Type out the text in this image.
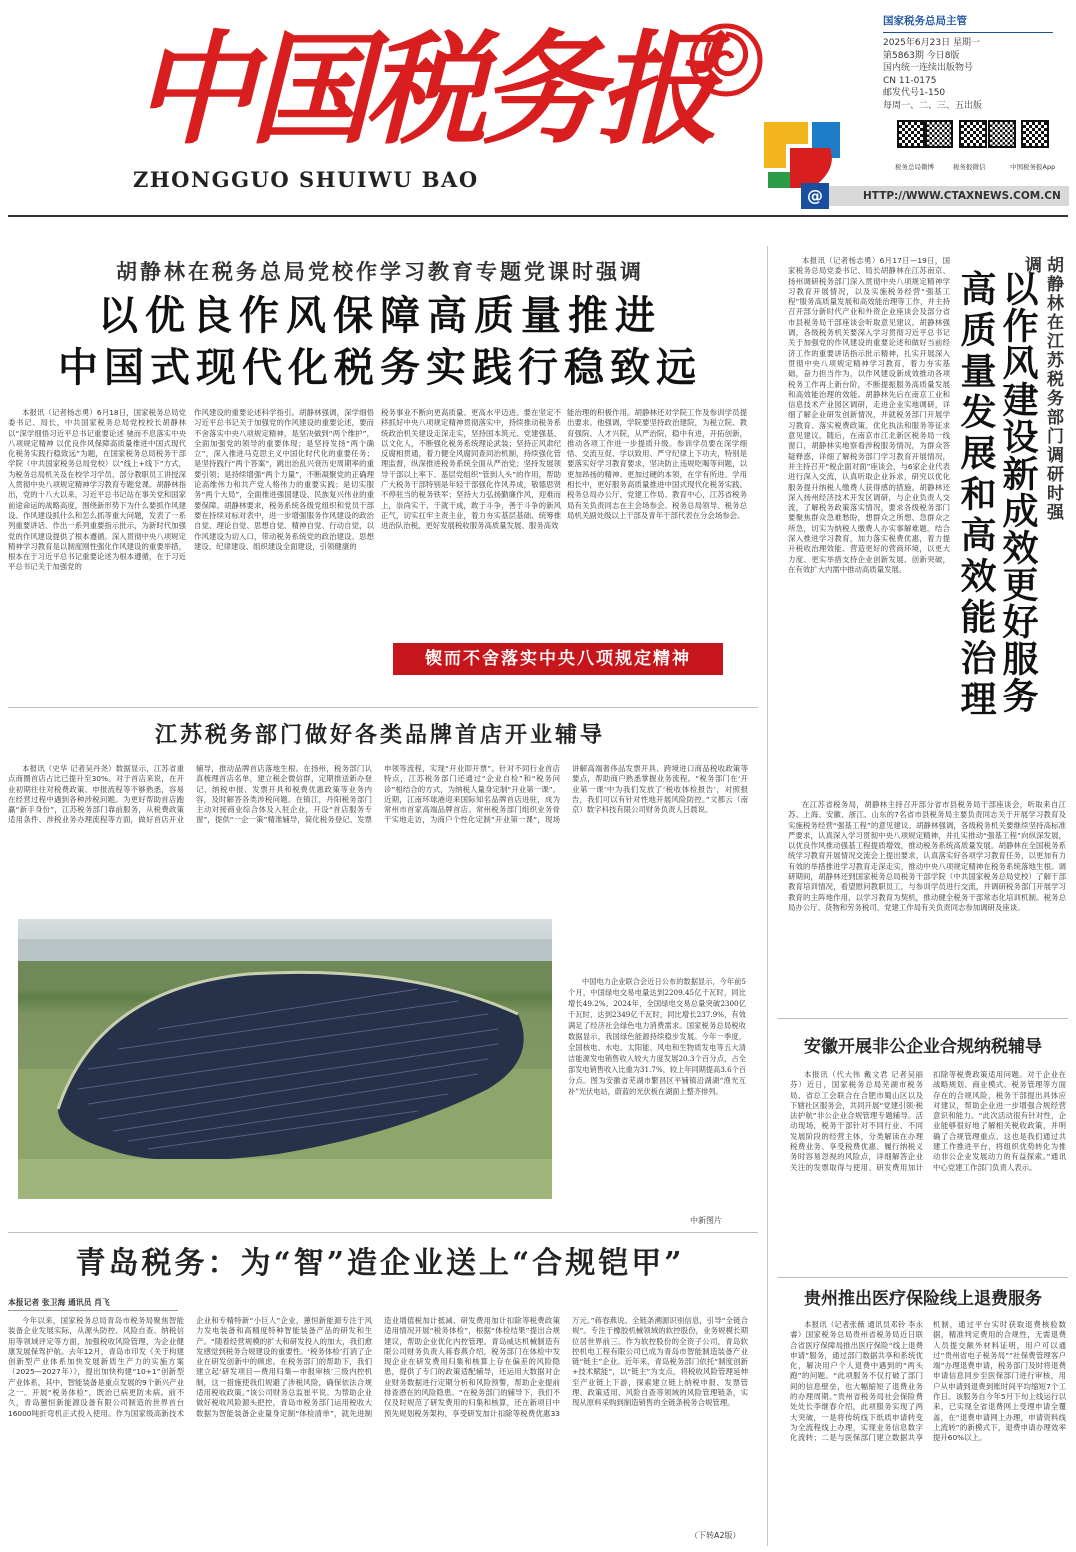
中国税务报
ZHONGGUO SHUIWU BAO
中国税务报社
国家税务总局主管
2025年6月23日 星期一
第5863期 今日8版
国内统一连续出版物号
CN 11-0175
邮发代号1-150
每周一、二、三、五出版
税务总局微博	税务报微信	中国税务报App
@	HTTP://WWW.CTAXNEWS.COM.CN
胡静林在税务总局党校作学习教育专题党课时强调
以优良作风保障高质量推进
中国式现代化税务实践行稳致远
本报讯（记者杨志勇）6月18日，国家税务总局党委书记、局长，中共国家税务总局党校校长胡静林以“深学细悟习近平总书记重要论述 驰而不息落实中央八项规定精神 以优良作风保障高质量推进中国式现代化税务实践行稳致远”为题，在国家税务总局税务干部学院（中共国家税务总局党校）以“线上+线下”方式，为税务总局机关及在校学习学员、部分教职员工讲授深入贯彻中央八项规定精神学习教育专题党课。胡静林指出，党的十八大以来，习近平总书记站在事关党和国家前途命运的战略高度，围绕新形势下为什么要抓作风建设、作风建设抓什么和怎么抓等重大问题，发表了一系列重要讲话、作出一系列重要指示批示，为新时代加强党的作风建设提供了根本遵循。深入贯彻中央八项规定精神学习教育是以制度刚性强化作风建设的重要举措，根本在于习近平总书记重要论述为根本遵循，在于习近平总书记关于加强党的
作风建设的重要论述科学指引。胡静林强调，深学细悟习近平总书记关于加强党的作风建设的重要论述，要而不舍落实中央八项规定精神，是坚决做到“两个维护”，全面加强党的领导的重要体现；是坚持发扬“两个确立”，深入推进马克思主义中国化时代化的重要任务；是坚持践行“两个答案”，跳出治乱兴衰历史周期率的重要引领；是持续增强“两个力量”，不断凝聚党的正确理论高维伟力和共产党人格伟力的重要实践；是切实服务“两个大局”，全面推进强国建设、民族复兴伟业的重要保障。胡静林要求，税务系统各级党组织和党员干部要在持续对标对表中，进一步增强服务作风建设的政治自觉、理论自觉、思想自觉、精神自觉、行动自觉，以作风建设为切入口，带动税务系统党的政治建设、思想建设、纪律建设、组织建设全面建设，引领健康的
税务事业不断向更高质量、更高水平迈进。要在坚定不移抓好中央八项规定精神贯彻落实中，持续推动税务系统政治机关建设走深走实，坚持国本筑元、党建强基、以文化人，不断强化税务系统理论武装；坚持正风肃纪反腐相贯通，着力健全风腐同查同治机制，持续强化管理监督，纵深推进税务系统全面从严治党；坚持发展领导干部以上率下、基层党组织“管到人头”的作用，帮助广大税务干部特别是年轻干部强化作风养成，敬德思贤不停驻当的税务铁军；坚持大力弘扬勤廉作风，迎难而上，崇尚实干、干就干成，敢于斗争，善于斗争的新风正气，切实扛牢主责主业，着力夯实基层基础、统筹推进治队治税，更好发展税收服务高质量发展、服务高效
能治理的积极作用。胡静林还对学院工作及参训学员提出要求。他强调，学院要坚持政治建院，为税立院、教育强院、人才兴院，从严治院，稳中有进，开拓创新，推动各项工作进一步提质升级。参训学员要在深学细悟、交流互促、学以致用、严守纪律上下功夫，特别是要落实好学习教育要求，坚决防止违规吃喝等问题，以更加昂扬的精神、更加过硬的本领，在学有所进、学用相长中，更好服务高质量推进中国式现代化税务实践。税务总局办公厅、党建工作局、教育中心，江苏省税务局有关负责同志在主会场参会。税务总局领导、税务总局机关副处级以上干部及青年干部代表在分会场参会。
锲而不舍落实中央八项规定精神
江苏税务部门做好各类品牌首店开业辅导
本报讯（史华 记者吴丹尧）数据显示，江苏省重点商圈首店占比已提升至30%。对于首店来说，在开业初期往往对税费政策、申报流程等不够熟悉，容易在经营过程中遇到各种涉税问题。为更好帮助首店跑赢“新手身份”，江苏税务部门靠前服务，从税费政策适用条件、涉税业务办理流程等方面，做好首店开业辅导，推动品牌首店落地生根。在扬州，税务部门认真梳理首店名单，建立税企微信群，定期推送新办登记、纳税申报、发票开具和税费优惠政策等业务内容，及时解答各类涉税问题。在镇江，丹阳税务部门主动对接商业综合体及入驻企业，开设“首店服务专窗”，提供“一企一策”精准辅导，简化税务登记、发票申领等流程，实现“开业即开票”。针对不同行业首店特点，江苏税务部门还通过“企业自检”和“税务问诊”相结合的方式，为纳税人量身定制“开业第一课”。近期，江南环球港迎来国际知名品牌首店进驻，成为常州市首家高端品牌首店。常州税务部门组织业务骨干实地走访，为商户个性化定制“开业第一课”，现场讲解高端奢侈品发票开具、跨境进口商品税收政策等要点，帮助商户熟悉掌握业务流程。“税务部门在‘开业第一课’中为我们发放了‘税收体检报告’，对照报告，我们可以有针对性地开展风险防控。”文都云（南京）数字科技有限公司财务负责人吕晨说。
中国电力企业联合会近日公布的数据显示，今年前5个月，中国绿电交易电量达到2209.45亿千瓦时，同比增长49.2%。2024年，全国绿电交易总量突破2300亿千瓦时，达到2349亿千瓦时，同比增长237.9%，有效满足了经济社会绿色电力消费需求。国家税务总局税收数据显示，我国绿色能源持续稳步发展。今年一季度，全国核电、水电、太阳能、风电和生物质发电等五大清洁能源发电销售收入较大力度发展20.3个百分点，占全部发电销售收入比重为31.7%，较上年同期提高3.6个百分点。图为安徽省芜湖市繁昌区平铺镇沿湖湖“渔光互补”光伏电站，蔚蓝的光伏板在湖面上整齐排列。
中新图片
青岛税务：为“智”造企业送上“合规铠甲”
本报记者 张卫海 通讯员 肖飞
今年以来，国家税务总局青岛市税务局聚焦智能装备企业发展实际，从源头防控、风险自查、纳税信用等领域评定等方面，加强税收风险管理，为企业健康发展保驾护航。去年12月，青岛市印发《关于构建创新型产业体系加快发展新质生产力的实施方案（2025—2027年）》，提出加快构建“10+1”创新型产业体系，其中，智能装备是重点发展的9个新兴产业之一。开展“税务体检”，既治已病更防未病。前不久，青岛蕙恒新能源设备有限公司制造的世界首台16000吨折弯机正式投入使用。作为国家级高新技术企业和专精特新“小巨人”企业，蕙恒新能源专注于风力发电装备和高精度特种智能装备产品的研发和生产。“随着经营规模的扩大和研发投入的加大，我们愈发感觉到税务合规建设的重要性。‘税务体检’打消了企业在研发创新中的顾虑。在税务部门的帮助下，我们建立起‘研发项目—费用归集—申报审核’三级内控机制，这一措施使我们规避了涉税风险，确保依法合规适用税收政策。”该公司财务总监崔平说。为帮助企业做好税收风险源头把控，青岛市税务部门运用税收大数据为智能装备企业量身定制“体检清单”，就先进制造业增值税加计抵减、研发费用加计扣除等税费政策适用情况开展“税务体检”，根据“体检结果”提出合规建议，帮助企业优化内控管理。青岛威达机械制造有限公司财务负责人蒋春燕介绍，税务部门在体检中发现企业在研发费用归集和核算上存在偏差的风险隐患，提供了专门的政策适配辅导，还运用大数据对企业财务数据进行定期分析和风险预警，帮助企业提前排查潜在的风险隐患。“在税务部门的辅导下，我们不仅及时规范了研发费用的归集和核算，还在新项目中预先规划税务架构，享受研发加计扣除等税费优惠33万元。”蒋春燕说。全链条溯源识别信息，引导“全链合规”。专注于橡胶机械领域的软控股份，业务规模长期位居世界前三。作为软控股份的全资子公司，青岛软控机电工程有限公司已成为青岛市智能制造装备产业链“链主”企业。近年来，青岛税务部门依托“制度创新+技术赋能”，以“链主”为支点，将税收风险管理延伸至产业链上下游，探索建立链上纳税申报、发票管理、政策适用、风险自查等领域的风险管理链条，实现从原料采购到制造销售的全链条税务合规管理。
（下转A2版）
本报讯（记者杨志勇）6月17日—19日，国家税务总局党委书记、局长胡静林在江苏南京、扬州调研税务部门深入贯彻中央八项规定精神学习教育开展情况，以及实施税务经营“强基工程”服务高质量发展和高效能治理等工作，并主持召开部分新时代产业和外资企业座谈会及部分省市县税务局干部座谈会听取意见建议。胡静林强调，各级税务机关要深入学习贯彻习近平总书记关于加强党的作风建设的重要论述和做好当前经济工作的重要讲话指示批示精神，扎实开展深入贯彻中央八项规定精神学习教育，着力夯实基础，奋力担当作为，以作风建设新成效推动各项税务工作再上新台阶，不断提振服务高质量发展和高效能治理的效能。胡静林先后在南京工业和信息技术产业园区调研，走进企业实地调研，详细了解企业研发创新情况，并就税务部门开展学习教育、落实税费政策、优化执法和服务等征求意见建议。随后，在南京市江北新区税务局一线窗口，胡静林实地察看涉税服务情况，为群众答疑释惑，详细了解税务部门学习教育开展情况，并主持召开“税企面对面”座谈会，与6家企业代表进行深入交流，认真听取企业诉求，研究以优化服务提升纳税人缴费人获得感的措施。胡静林还深入扬州经济技术开发区调研，与企业负责人交流，了解税务政策落实情况，要求各级税务部门要聚焦群众急难愁盼，想群众之所想、急群众之所急，切实为纳税人缴费人办实事解难题。结合深入推进学习教育，加力落实税费优惠，着力提升税收治理效能、营造更好的营商环境，以更大力度、更实举措支持企业创新发展、创新突破，在有效扩大内需中推动高质量发展。
胡静林在江苏税务部门调研时强调
以作风建设新成效更好服务
高质量发展和高效能治理
在江苏省税务局，胡静林主持召开部分省市县税务局干部座谈会，听取来自江苏、上海、安徽、浙江、山东的7名省市县税务局主要负责同志关于开展学习教育及实施税务经营“强基工程”的意见建议。胡静林强调，各级税务机关要继续坚持高标准严要求，认真深入学习贯彻中央八项规定精神，并扎实推动“强基工程”向纵深发展，以优良作风推动强基工程提质增效，推动税务系统高质量发展。胡静林在全国税务系统学习教育开展情况交流会上提出要求，认真落实好各项学习教育任务，以更加有力有效的举措推进学习教育走深走实，推动中央八项规定精神在税务系统落地生根。调研期间，胡静林还到国家税务总局税务干部学院（中共国家税务总局党校）了解干部教育培训情况，看望慰问教职员工，与参训学员进行交流，并调研税务部门开展学习教育的主阵地作用，以学习教育为契机，推动健全税务干部常态化培训机制。税务总局办公厅、货物和劳务税司、党建工作局有关负责同志参加调研及座谈。
安徽开展非公企业合规纳税辅导
本报讯（代大伟 戴文君 记者吴丽芬）近日，国家税务总局芜湖市税务局、省总工会联合在合肥市蜀山区以及下辖社区服务会，共同开展“党建引领·税法护航”非公企业合规管理专题辅导。活动现场，税务干部针对不同行业、不同发展阶段的经营主体，分类解读在办理税费业务、享受税费优惠、履行纳税义务时容易忽视的风险点，详细解答企业关注的发票取得与使用、研发费用加计扣除等税费政策适用问题。对于企业在战略规划、商业模式、税务管理等方面存在的合规风险，税务干部提出具体应对建议，帮助企业进一步增强合规经营意识和能力。“此次活动很有针对性，企业能够很好地了解相关税收政策，并明确了合规管理重点。这也是我们通过共建工作推进平台，将组织优势转化为推动非公企业发展动力的有益探索。”通讯中心党建工作部门负责人表示。
贵州推出医疗保险线上退费服务
本报讯（记者张薇 通讯员邓铃 李永睿）国家税务总局贵州省税务局近日联合省医疗保障局推出医疗保险“线上退费申请”服务，通过部门数据共享和系统优化，解决用户个人退费中遇到的“两头跑”的问题。“此项服务不仅打破了部门间的信息壁垒，也大幅缩短了退费业务的办理周期。”贵州省税务局社会保险费处处长李继春介绍，此项服务实现了两大突破，一是将传统线下纸质申请转变为全流程线上办理，实现业务信息数字化流转；二是与医保部门建立数据共享机制，通过平台实时获取退费核验数据，精准判定费用的合规性，无需退费人员提交额外材料证明，用户可以通过“贵州省电子税务局”“社保费管理客户端”办理退费申请，税务部门及时将退费申请信息同步至医保部门进行审核，用户从申请到退费到账时间平均缩短7个工作日。该服务自今年5月下旬上线运行以来，已实现全省退费网上受理申请全覆盖，在“退费申请网上办理，申请资料线上流转”的新模式下，退费申请办理效率提升60%以上。
